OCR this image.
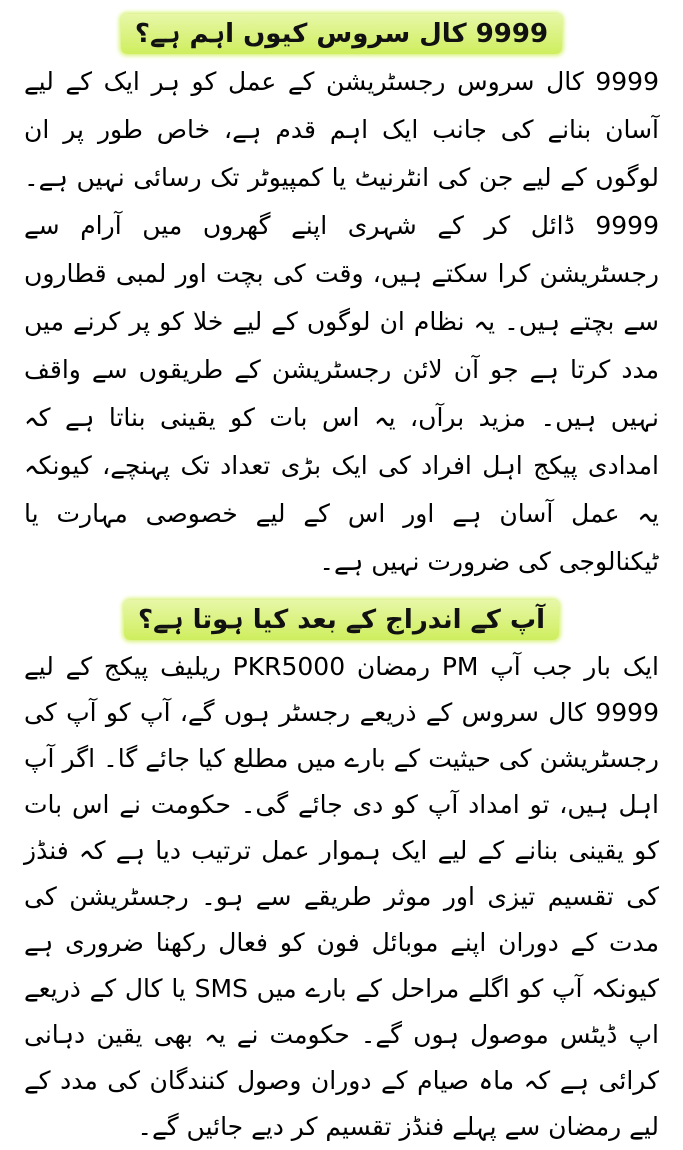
9999 کال سروس کیوں اہم ہے؟

9999 کال سروس رجسٹریشن کے عمل کو ہر ایک کے لیے آسان بنانے کی جانب ایک اہم قدم ہے، خاص طور پر ان لوگوں کے لیے جن کی انٹرنیٹ یا کمپیوٹر تک رسائی نہیں ہے۔ 9999 ڈائل کر کے شہری اپنے گھروں میں آرام سے رجسٹریشن کرا سکتے ہیں، وقت کی بچت اور لمبی قطاروں سے بچتے ہیں۔ یہ نظام ان لوگوں کے لیے خلا کو پر کرنے میں مدد کرتا ہے جو آن لائن رجسٹریشن کے طریقوں سے واقف نہیں ہیں۔ مزید برآں، یہ اس بات کو یقینی بناتا ہے کہ امدادی پیکج اہل افراد کی ایک بڑی تعداد تک پہنچے، کیونکہ یہ عمل آسان ہے اور اس کے لیے خصوصی مہارت یا ٹیکنالوجی کی ضرورت نہیں ہے۔

آپ کے اندراج کے بعد کیا ہوتا ہے؟

ایک بار جب آپ PM رمضان PKR5000 ریلیف پیکج کے لیے 9999 کال سروس کے ذریعے رجسٹر ہوں گے، آپ کو آپ کی رجسٹریشن کی حیثیت کے بارے میں مطلع کیا جائے گا۔ اگر آپ اہل ہیں، تو امداد آپ کو دی جائے گی۔ حکومت نے اس بات کو یقینی بنانے کے لیے ایک ہموار عمل ترتیب دیا ہے کہ فنڈز کی تقسیم تیزی اور موثر طریقے سے ہو۔ رجسٹریشن کی مدت کے دوران اپنے موبائل فون کو فعال رکھنا ضروری ہے کیونکہ آپ کو اگلے مراحل کے بارے میں SMS یا کال کے ذریعے اپ ڈیٹس موصول ہوں گے۔ حکومت نے یہ بھی یقین دہانی کرائی ہے کہ ماہ صیام کے دوران وصول کنندگان کی مدد کے لیے رمضان سے پہلے فنڈز تقسیم کر دیے جائیں گے۔
